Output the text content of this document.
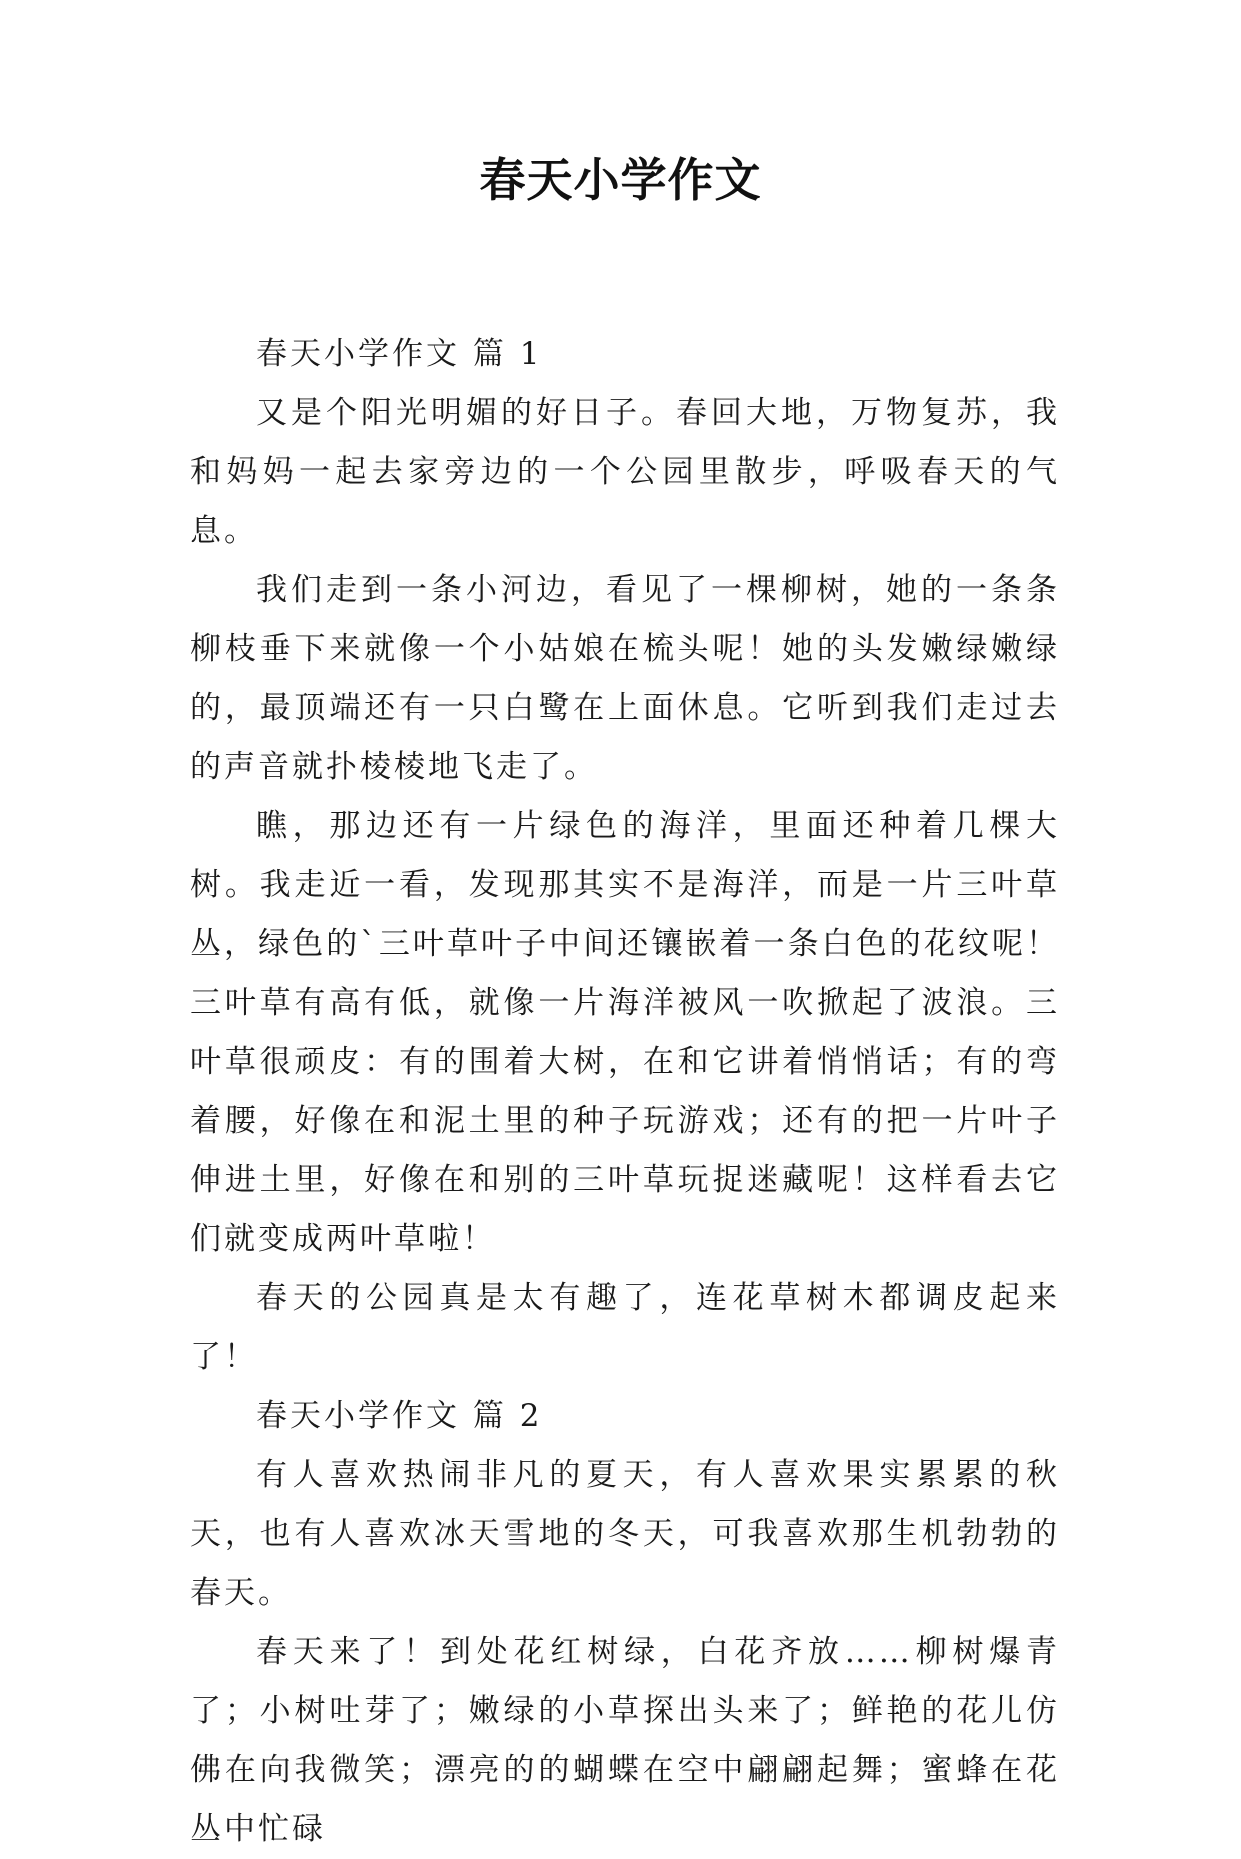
春天小学作文

春天小学作文 篇 1

又是个阳光明媚的好日子。春回大地，万物复苏，我和妈妈一起去家旁边的一个公园里散步，呼吸春天的气息。

我们走到一条小河边，看见了一棵柳树，她的一条条柳枝垂下来就像一个小姑娘在梳头呢！她的头发嫩绿嫩绿的，最顶端还有一只白鹭在上面休息。它听到我们走过去的声音就扑棱棱地飞走了。

瞧，那边还有一片绿色的海洋，里面还种着几棵大树。我走近一看，发现那其实不是海洋，而是一片三叶草丛，绿色的`三叶草叶子中间还镶嵌着一条白色的花纹呢！三叶草有高有低，就像一片海洋被风一吹掀起了波浪。三叶草很顽皮：有的围着大树，在和它讲着悄悄话；有的弯着腰，好像在和泥土里的种子玩游戏；还有的把一片叶子伸进土里，好像在和别的三叶草玩捉迷藏呢！这样看去它们就变成两叶草啦！

春天的公园真是太有趣了，连花草树木都调皮起来了！

春天小学作文 篇 2

有人喜欢热闹非凡的夏天，有人喜欢果实累累的秋天，也有人喜欢冰天雪地的冬天，可我喜欢那生机勃勃的春天。

春天来了！到处花红树绿，白花齐放……柳树爆青了；小树吐芽了；嫩绿的小草探出头来了；鲜艳的花儿仿佛在向我微笑；漂亮的的蝴蝶在空中翩翩起舞；蜜蜂在花丛中忙碌
